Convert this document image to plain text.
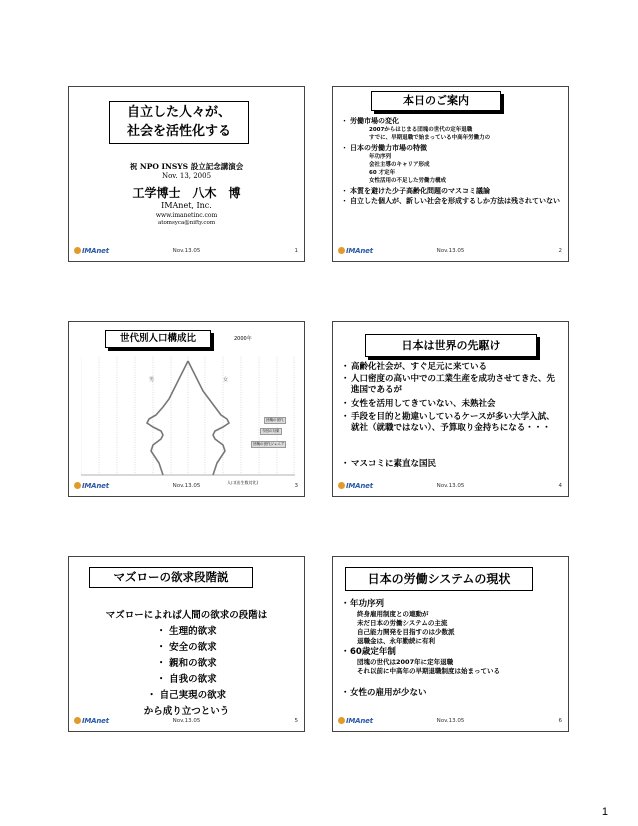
自立した人々が、
社会を活性化する
祝 NPO INSYS 設立記念講演会
Nov. 13, 2005
工学博士　八木　博
IMAnet, Inc.
www.imanetinc.com
atomsyca@nifty.com
IMAnet	Nov.13.05	1
本日のご案内
・ 労働市場の変化
2007からはじまる団塊の世代の定年退職
すでに、早期退職で始まっている中高年労働力の
・ 日本の労働力市場の特徴
年功序列
会社主導のキャリア形成
60 才定年
女性活用の不足した労働力構成
・ 本質を避けた少子高齢化問題のマスコミ議論
・ 自立した個人が、新しい社会を形成するしか方法は残されていない
IMAnet	Nov.13.05	2
世代別人口構成比	2000年
男	女
団塊の世代
今回の対象
団塊の世代ジュニア
人口(出生数対比)
IMAnet	Nov.13.05	3
日本は世界の先駆け
・ 高齢化社会が、すぐ足元に来ている
・ 人口密度の高い中での工業生産を成功させてきた、先進国であるが
・ 女性を活用してきていない、未熟社会
・ 手段を目的と勘違いしているケースが多い大学入試、就社（就職ではない）、予算取り金持ちになる・・・
・ マスコミに素直な国民
IMAnet	Nov.13.05	4
マズローの欲求段階説
マズローによれば人間の欲求の段階は
・ 生理的欲求
・ 安全の欲求
・ 親和の欲求
・ 自我の欲求
・ 自己実現の欲求
から成り立つという
IMAnet	Nov.13.05	5
日本の労働システムの現状
・ 年功序列
終身雇用制度との連動が
未だ日本の労働システムの主流
自己能力開発を目指すのは少数派
退職金は、永年勤続に有利
・ 60歳定年制
団塊の世代は2007年に定年退職
それ以前に中高年の早期退職制度は始まっている
・ 女性の雇用が少ない
IMAnet	Nov.13.05	6
1
